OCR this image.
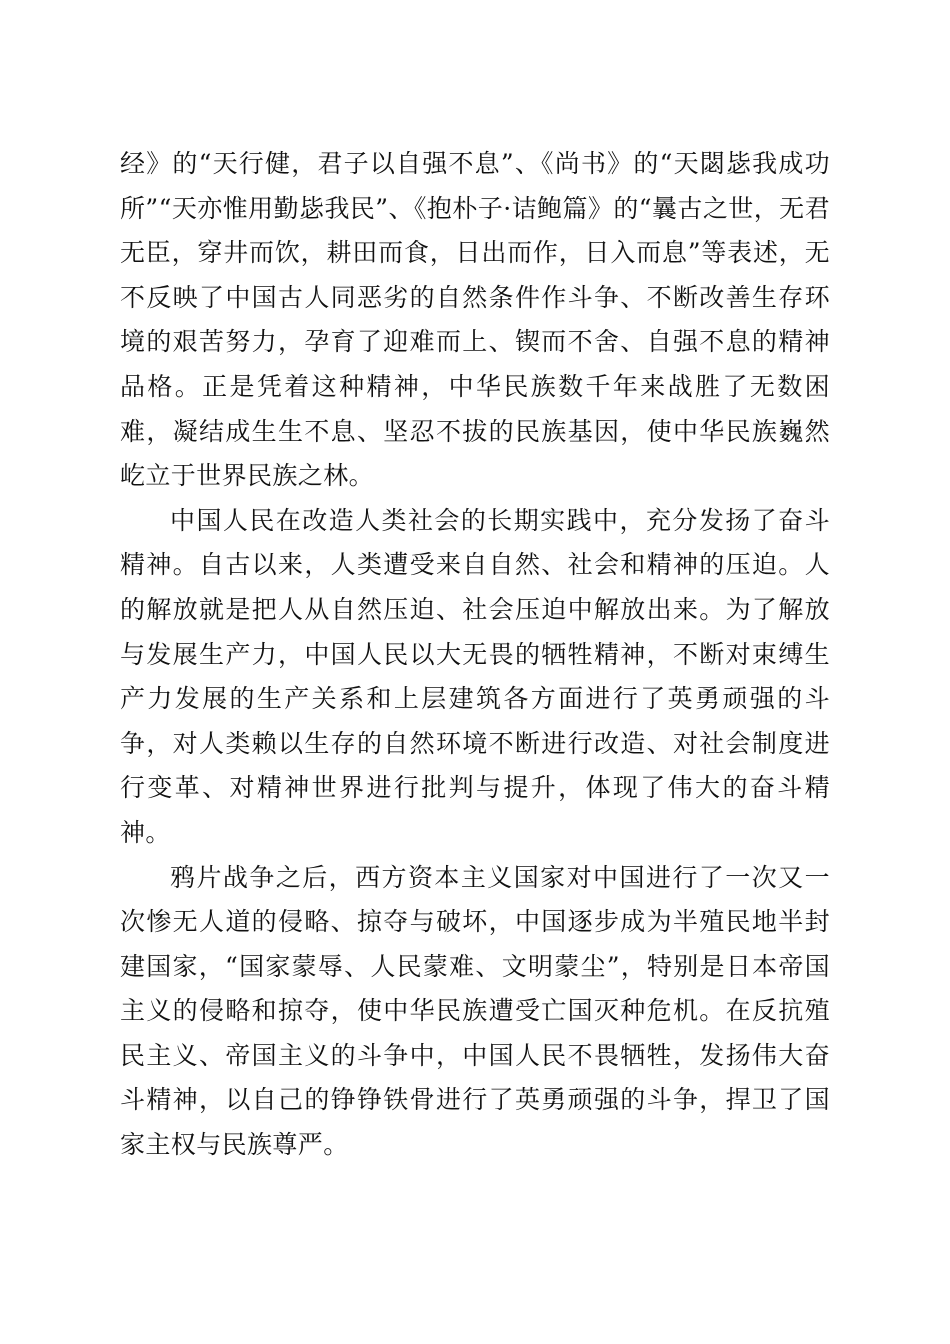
经》的“天行健，君子以自强不息”、《尚书》的“天閟毖我成功所”“天亦惟用勤毖我民”、《抱朴子·诘鲍篇》的“曩古之世，无君无臣，穿井而饮，耕田而食，日出而作，日入而息”等表述，无不反映了中国古人同恶劣的自然条件作斗争、不断改善生存环境的艰苦努力，孕育了迎难而上、锲而不舍、自强不息的精神品格。正是凭着这种精神，中华民族数千年来战胜了无数困难，凝结成生生不息、坚忍不拔的民族基因，使中华民族巍然屹立于世界民族之林。

中国人民在改造人类社会的长期实践中，充分发扬了奋斗精神。自古以来，人类遭受来自自然、社会和精神的压迫。人的解放就是把人从自然压迫、社会压迫中解放出来。为了解放与发展生产力，中国人民以大无畏的牺牲精神，不断对束缚生产力发展的生产关系和上层建筑各方面进行了英勇顽强的斗争，对人类赖以生存的自然环境不断进行改造、对社会制度进行变革、对精神世界进行批判与提升，体现了伟大的奋斗精神。

鸦片战争之后，西方资本主义国家对中国进行了一次又一次惨无人道的侵略、掠夺与破坏，中国逐步成为半殖民地半封建国家，“国家蒙辱、人民蒙难、文明蒙尘”，特别是日本帝国主义的侵略和掠夺，使中华民族遭受亡国灭种危机。在反抗殖民主义、帝国主义的斗争中，中国人民不畏牺牲，发扬伟大奋斗精神，以自己的铮铮铁骨进行了英勇顽强的斗争，捍卫了国家主权与民族尊严。
